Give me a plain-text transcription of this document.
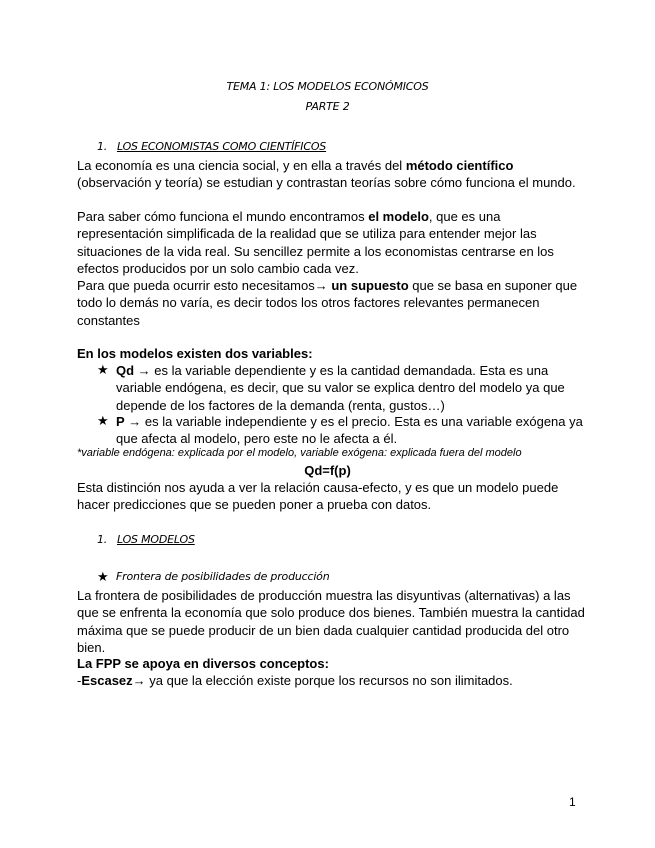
TEMA 1: LOS MODELOS ECONÓMICOS
PARTE 2
1. LOS ECONOMISTAS COMO CIENTÍFICOS
La economía es una ciencia social, y en ella a través del método científico
(observación y teoría) se estudian y contrastan teorías sobre cómo funciona el mundo.
Para saber cómo funciona el mundo encontramos el modelo, que es una representación simplificada de la realidad que se utiliza para entender mejor las situaciones de la vida real. Su sencillez permite a los economistas centrarse en los efectos producidos por un solo cambio cada vez.
Para que pueda ocurrir esto necesitamos→ un supuesto que se basa en suponer que todo lo demás no varía, es decir todos los otros factores relevantes permanecen constantes
En los modelos existen dos variables:
★ Qd → es la variable dependiente y es la cantidad demandada. Esta es una variable endógena, es decir, que su valor se explica dentro del modelo ya que depende de los factores de la demanda (renta, gustos…)
★ P → es la variable independiente y es el precio. Esta es una variable exógena ya que afecta al modelo, pero este no le afecta a él.
*variable endógena: explicada por el modelo, variable exógena: explicada fuera del modelo
Qd=f(p)
Esta distinción nos ayuda a ver la relación causa-efecto, y es que un modelo puede hacer predicciones que se pueden poner a prueba con datos.
1. LOS MODELOS
★ Frontera de posibilidades de producción
La frontera de posibilidades de producción muestra las disyuntivas (alternativas) a las que se enfrenta la economía que solo produce dos bienes. También muestra la cantidad máxima que se puede producir de un bien dada cualquier cantidad producida del otro bien.
La FPP se apoya en diversos conceptos:
-Escasez→ ya que la elección existe porque los recursos no son ilimitados.
1
